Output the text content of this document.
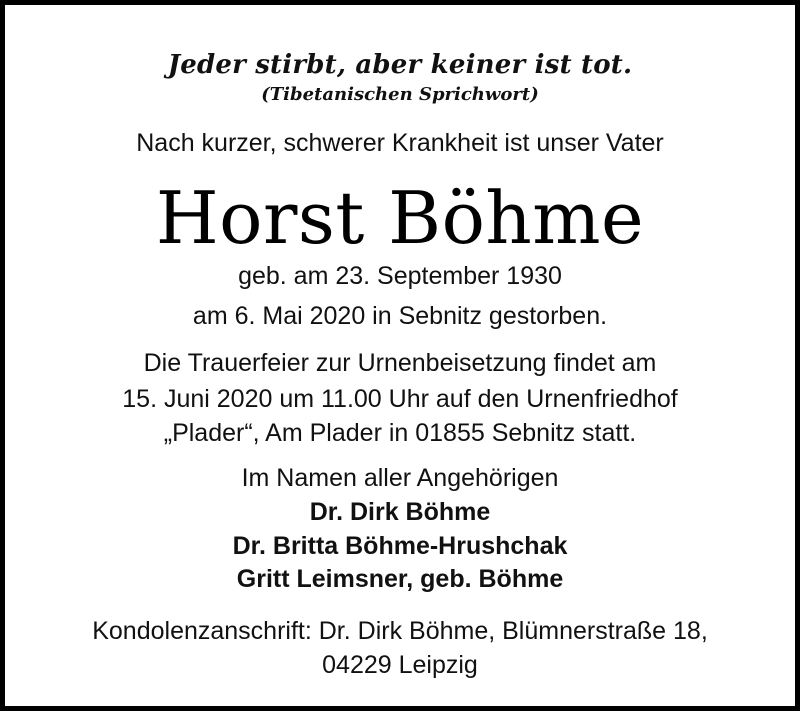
Jeder stirbt, aber keiner ist tot.
(Tibetanischen Sprichwort)
Nach kurzer, schwerer Krankheit ist unser Vater
Horst Böhme
geb. am 23. September 1930
am 6. Mai 2020 in Sebnitz gestorben.
Die Trauerfeier zur Urnenbeisetzung findet am
15. Juni 2020 um 11.00 Uhr auf den Urnenfriedhof
„Plader“, Am Plader in 01855 Sebnitz statt.
Im Namen aller Angehörigen
Dr. Dirk Böhme
Dr. Britta Böhme-Hrushchak
Gritt Leimsner, geb. Böhme
Kondolenzanschrift: Dr. Dirk Böhme, Blümnerstraße 18,
04229 Leipzig
